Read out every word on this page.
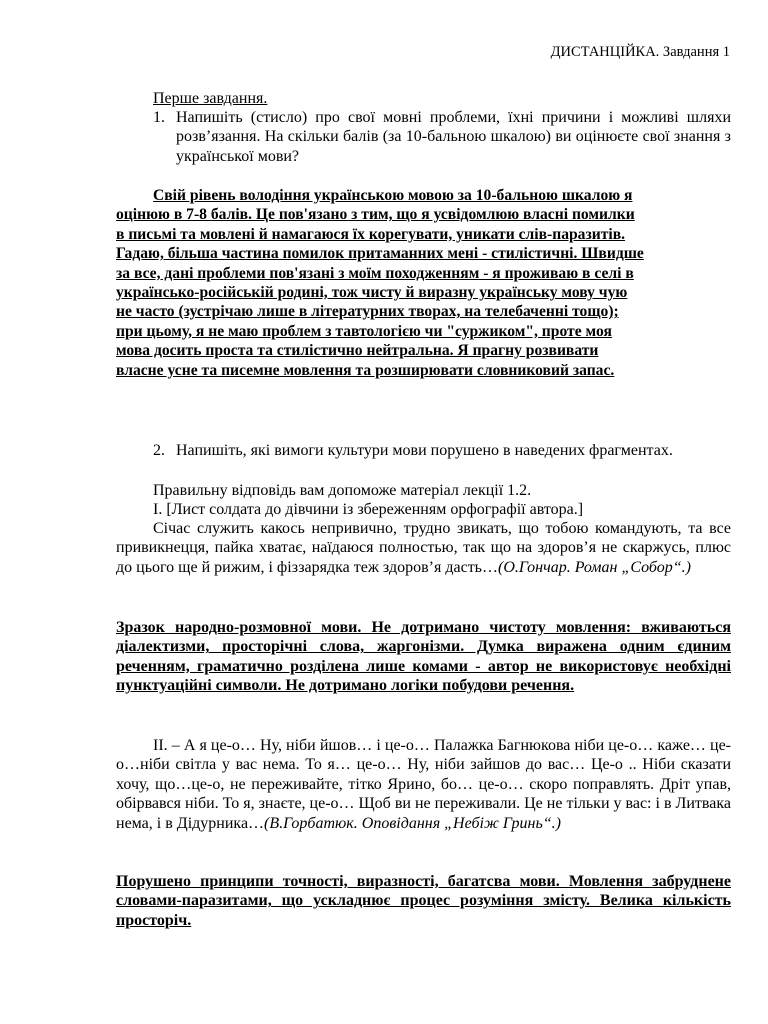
ДИСТАНЦІЙКА. Завдання 1
Перше завдання.
1. Напишіть (стисло) про свої мовні проблеми, їхні причини і можливі шляхи розв’язання. На скільки балів (за 10-бальною шкалою) ви оцінюєте свої знання з української мови?
Свій рівень володіння українською мовою за 10-бальною шкалою я
оцінюю в 7-8 балів. Це пов'язано з тим, що я усвідомлюю власні помилки
в письмі та мовлені й намагаюся їх корегувати, уникати слів-паразитів.
Гадаю, більша частина помилок притаманних мені - стилістичні. Швидше
за все, дані проблеми пов'язані з моїм походженням - я проживаю в селі в
українсько-російській родині, тож чисту й виразну українську мову чую
не часто (зустрічаю лише в літературних творах, на телебаченні тощо);
при цьому, я не маю проблем з тавтологією чи "суржиком", проте моя
мова досить проста та стилістично нейтральна. Я прагну розвивати
власне усне та писемне мовлення та розширювати словниковий запас.
2. Напишіть, які вимоги культури мови порушено в наведених фрагментах.
Правильну відповідь вам допоможе матеріал лекції 1.2.
І. [Лист солдата до дівчини із збереженням орфографії автора.]
Січас служить какось непривично, трудно звикать, що тобою командують, та все привикнецця, пайка хватає, наїдаюся полностью, так що на здоров’я не скаржусь, плюс до цього ще й рижим, і фіззарядка теж здоров’я дасть…(О.Гончар. Роман „Собор“.)
Зразок народно-розмовної мови. Не дотримано чистоту мовлення: вживаються діалектизми, просторічні слова, жаргонізми. Думка виражена одним єдиним реченням, граматично розділена лише комами - автор не використовує необхідні пунктуаційні символи. Не дотримано логіки побудови речення.
ІІ. – А я це-о… Ну, ніби йшов… і це-о… Палажка Багнюкова ніби це-о… каже… це-о…ніби світла у вас нема. То я… це-о… Ну, ніби зайшов до вас… Це-о .. Ніби сказати хочу, що…це-о, не переживайте, тітко Ярино, бо… це-о… скоро поправлять. Дріт упав, обірвався ніби. То я, знаєте, це-о… Щоб ви не переживали. Це не тільки у вас: і в Литвака нема, і в Дідурника…(В.Горбатюк. Оповідання „Небіж Гринь“.)
Порушено принципи точності, виразності, багатсва мови. Мовлення забруднене словами-паразитами, що ускладнює процес розуміння змісту. Велика кількість просторіч.
